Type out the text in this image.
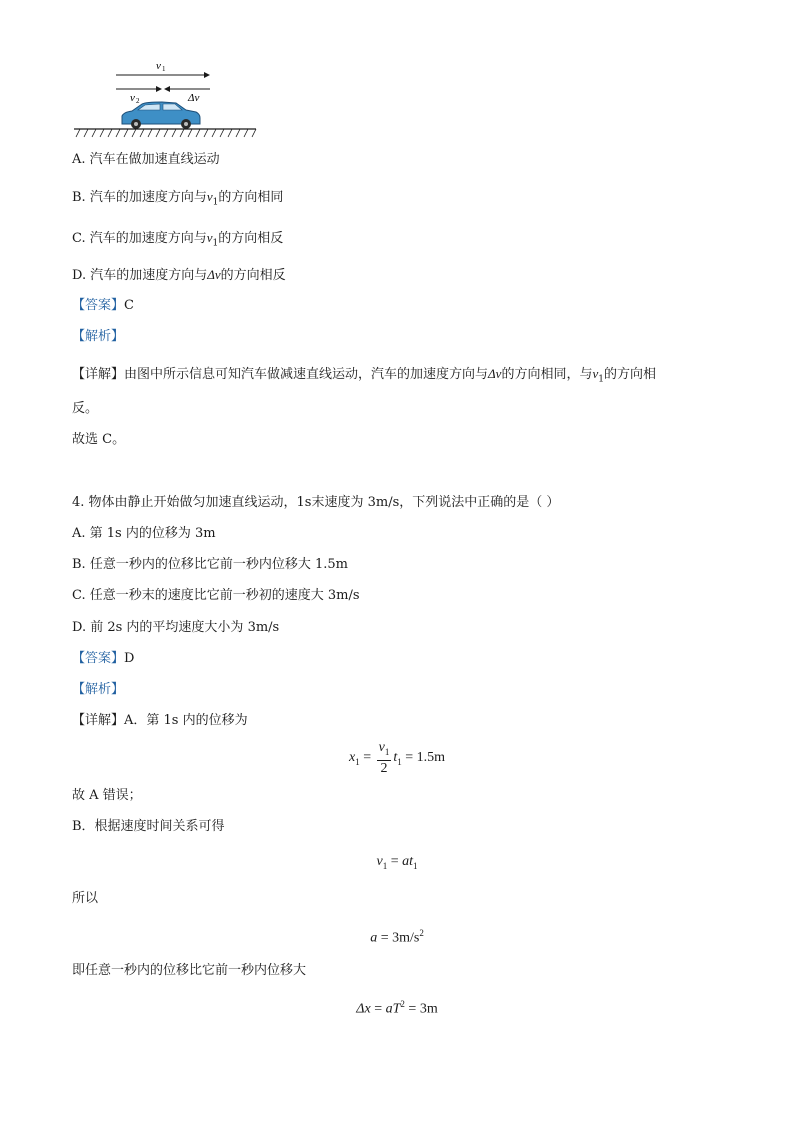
v 1
v 2	Δv
A. 汽车在做加速直线运动
B. 汽车的加速度方向与$v_1$的方向相同
C. 汽车的加速度方向与$v_1$的方向相反
D. 汽车的加速度方向与Δv的方向相反
【答案】C
【解析】
【详解】由图中所示信息可知汽车做减速直线运动，汽车的加速度方向与Δv的方向相同，与$v_1$的方向相
反。
故选 C。
4. 物体由静止开始做匀加速直线运动，1s末速度为 3m/s，下列说法中正确的是（ ）
A. 第 1s 内的位移为 3m
B. 任意一秒内的位移比它前一秒内位移大 1.5m
C. 任意一秒末的速度比它前一秒初的速度大 3m/s
D. 前 2s 内的平均速度大小为 3m/s
【答案】D
【解析】
【详解】A．第 1s 内的位移为
$x_1 = \frac{v_1}{2} t_1 = 1.5m$
故 A 错误；
B．根据速度时间关系可得
$v_1 = at_1$
所以
$a = 3m/s^2$
即任意一秒内的位移比它前一秒内位移大
$\Delta x = aT^2 = 3m$
